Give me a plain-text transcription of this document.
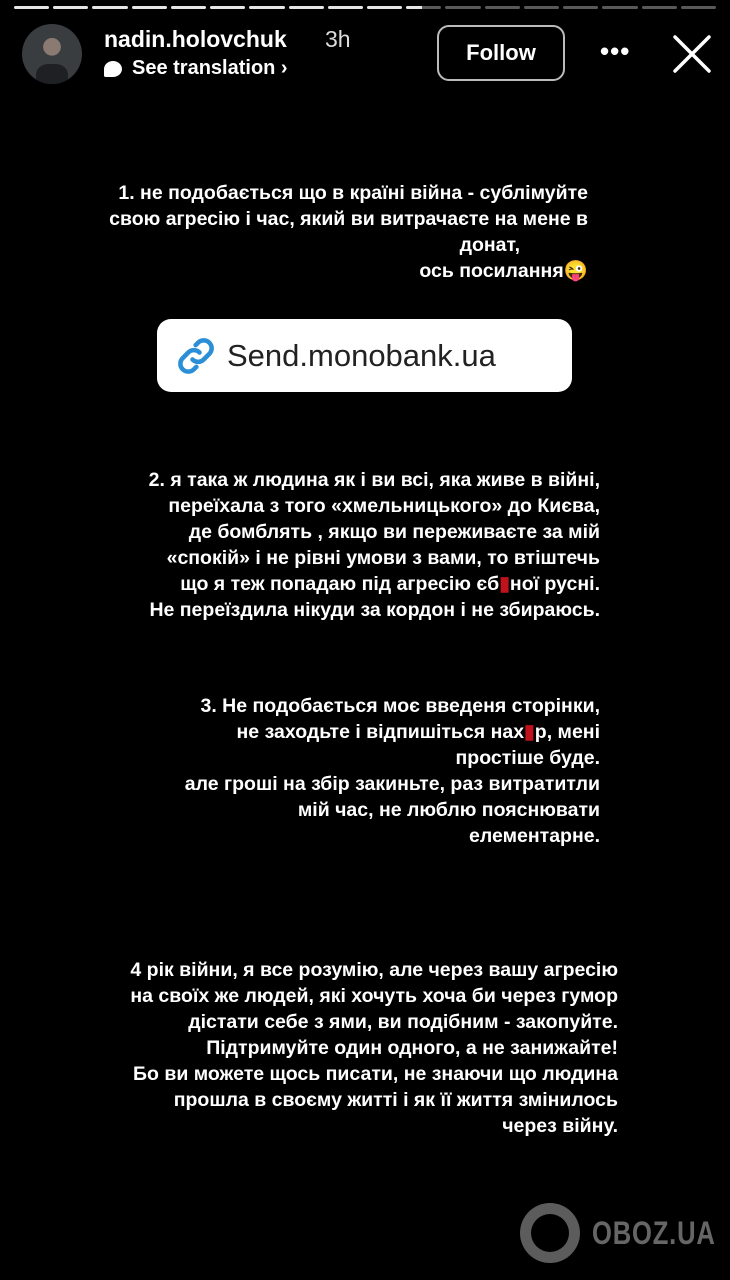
nadin.holovchuk 3h
See translation ›
Follow	•••
1. не подобається що в країні війна - сублімуйте
свою агресію і час, який ви витрачаєте на мене в
донат,
ось посилання😜
Send.monobank.ua
2. я така ж людина як і ви всі, яка живе в війні,
переїхала з того «хмельницького» до Києва,
де бомблять , якщо ви переживаєте за мій
«спокій» і не рівні умови з вами, то втіштечь
що я теж попадаю під агресію єб▮ної русні.
Не переїздила нікуди за кордон і не збираюсь.
3. Не подобається моє введеня сторінки,
не заходьте і відпишіться нах▮р, мені
простіше буде.
але гроші на збір закиньте, раз витратитли
мій час, не люблю пояснювати
елементарне.
4 рік війни, я все розумію, але через вашу агресію
на своїх же людей, які хочуть хоча би через гумор
дістати себе з ями, ви подібним - закопуйте.
Підтримуйте один одного, а не занижайте!
Бо ви можете щось писати, не знаючи що людина
прошла в своєму житті і як її життя змінилось
через війну.
OBOZ.UA
